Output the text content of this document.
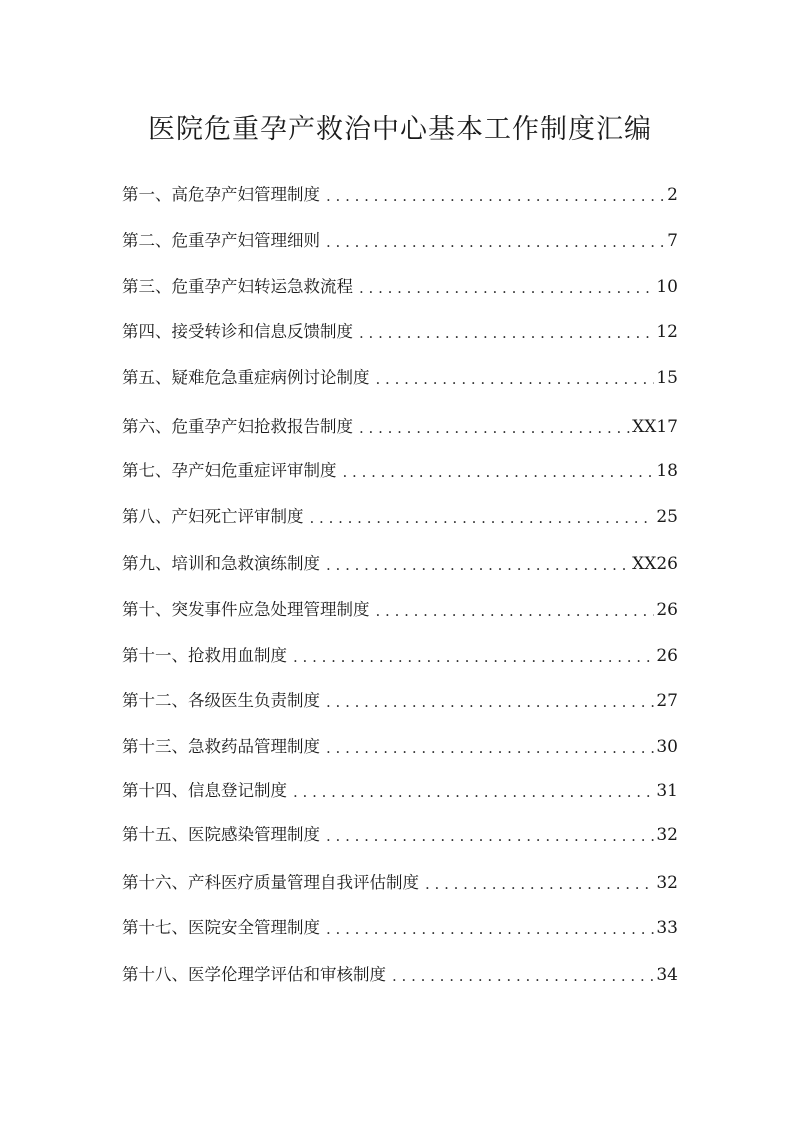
医院危重孕产救治中心基本工作制度汇编
第一、高危孕产妇管理制度 . . .	2
第二、危重孕产妇管理细则 . . .	7
第三、危重孕产妇转运急救流程 . . .	10
第四、接受转诊和信息反馈制度 . . .	12
第五、疑难危急重症病例讨论制度 . . .	15
第六、危重孕产妇抢救报告制度 . . .	XX17
第七、孕产妇危重症评审制度 . . .	18
第八、产妇死亡评审制度 . . .	25
第九、培训和急救演练制度 . . .	XX26
第十、突发事件应急处理管理制度 . . .	26
第十一、抢救用血制度 . . .	26
第十二、各级医生负责制度 . . .	27
第十三、急救药品管理制度 . . .	30
第十四、信息登记制度 . . .	31
第十五、医院感染管理制度 . . .	32
第十六、产科医疗质量管理自我评估制度 . . .	32
第十七、医院安全管理制度 . . .	33
第十八、医学伦理学评估和审核制度 . . .	34
